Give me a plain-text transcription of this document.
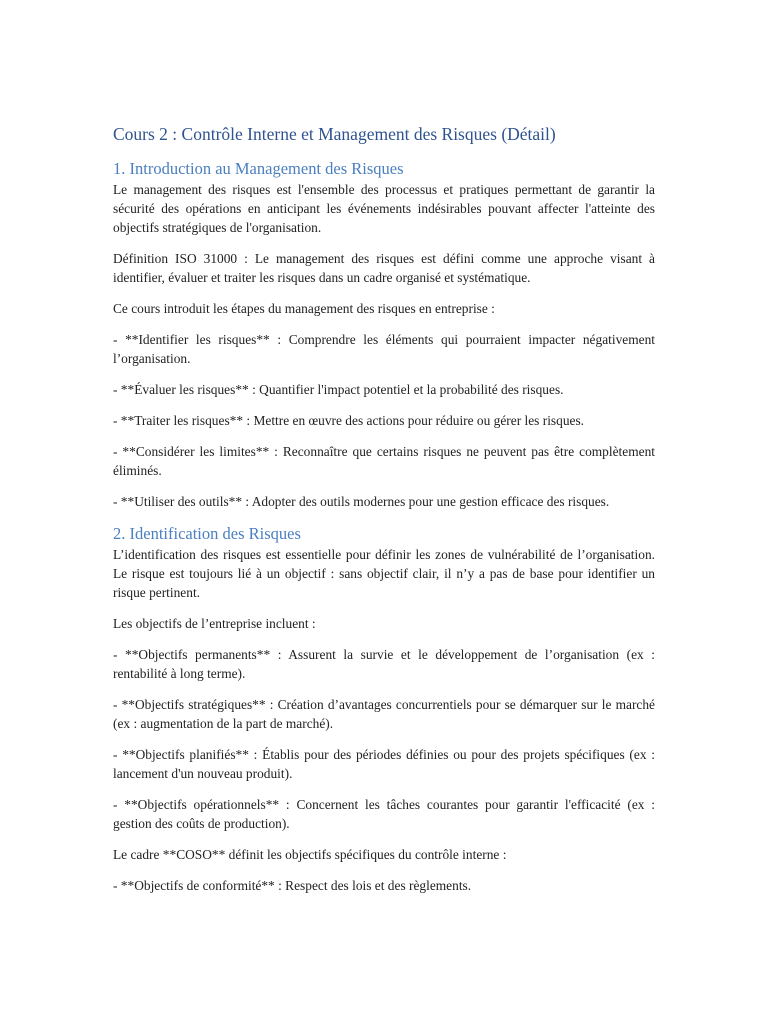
Cours 2 : Contrôle Interne et Management des Risques (Détail)
1. Introduction au Management des Risques

Le management des risques est l'ensemble des processus et pratiques permettant de garantir la sécurité des opérations en anticipant les événements indésirables pouvant affecter l'atteinte des objectifs stratégiques de l'organisation.

Définition ISO 31000 : Le management des risques est défini comme une approche visant à identifier, évaluer et traiter les risques dans un cadre organisé et systématique.

Ce cours introduit les étapes du management des risques en entreprise :

- **Identifier les risques** : Comprendre les éléments qui pourraient impacter négativement l’organisation.

- **Évaluer les risques** : Quantifier l'impact potentiel et la probabilité des risques.

- **Traiter les risques** : Mettre en œuvre des actions pour réduire ou gérer les risques.

- **Considérer les limites** : Reconnaître que certains risques ne peuvent pas être complètement éliminés.

- **Utiliser des outils** : Adopter des outils modernes pour une gestion efficace des risques.

2. Identification des Risques

L’identification des risques est essentielle pour définir les zones de vulnérabilité de l’organisation. Le risque est toujours lié à un objectif : sans objectif clair, il n’y a pas de base pour identifier un risque pertinent.

Les objectifs de l’entreprise incluent :

- **Objectifs permanents** : Assurent la survie et le développement de l’organisation (ex : rentabilité à long terme).

- **Objectifs stratégiques** : Création d’avantages concurrentiels pour se démarquer sur le marché (ex : augmentation de la part de marché).

- **Objectifs planifiés** : Établis pour des périodes définies ou pour des projets spécifiques (ex : lancement d'un nouveau produit).

- **Objectifs opérationnels** : Concernent les tâches courantes pour garantir l'efficacité (ex : gestion des coûts de production).

Le cadre **COSO** définit les objectifs spécifiques du contrôle interne :

- **Objectifs de conformité** : Respect des lois et des règlements.
